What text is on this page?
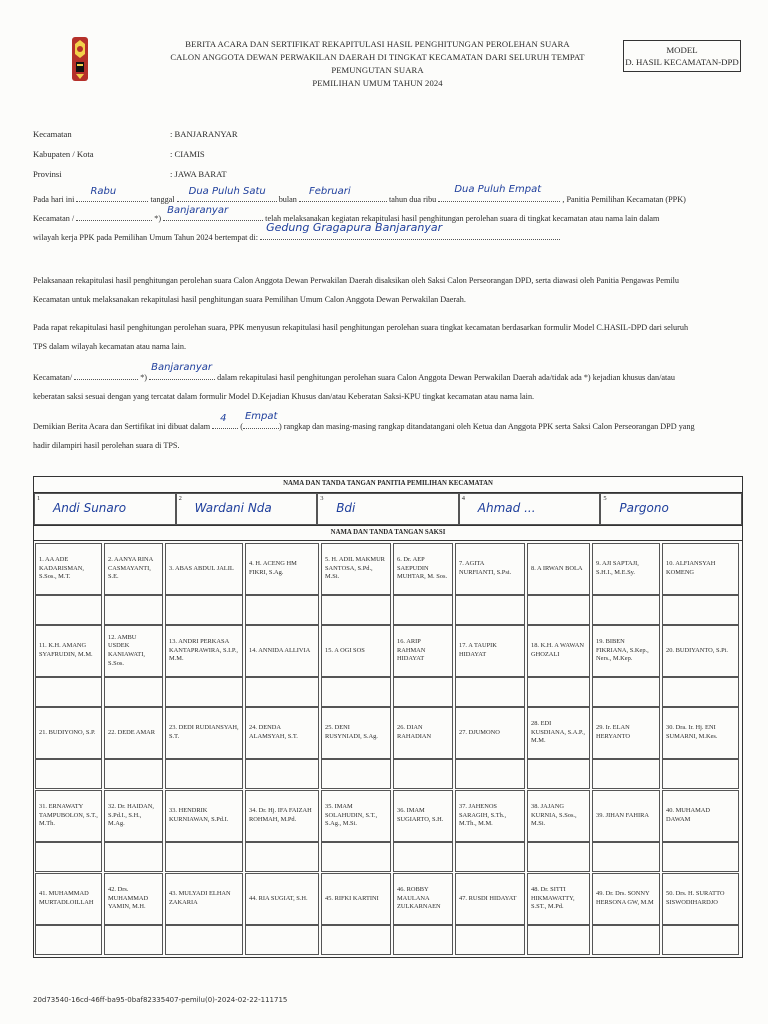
BERITA ACARA DAN SERTIFIKAT REKAPITULASI HASIL PENGHITUNGAN PEROLEHAN SUARA
CALON ANGGOTA DEWAN PERWAKILAN DAERAH DI TINGKAT KECAMATAN DARI SELURUH TEMPAT PEMUNGUTAN SUARA
PEMILIHAN UMUM TAHUN 2024
MODEL
D. HASIL KECAMATAN-DPD
Kecamatan	: BANJARANYAR
Kabupaten / Kota	: CIAMIS
Provinsi	: JAWA BARAT
Pada hari ini
Rabu
tanggal
Dua Puluh Satu
bulan
Februari
tahun dua ribu
Dua Puluh Empat
, Panitia Pemilihan Kecamatan (PPK)
Kecamatan /	*)
Banjaranyar
telah melaksanakan kegiatan rekapitulasi hasil penghitungan perolehan suara di tingkat kecamatan atau nama lain dalam
wilayah kerja PPK pada Pemilihan Umum Tahun 2024 bertempat di:
Gedung Gragapura Banjaranyar
Pelaksanaan rekapitulasi hasil penghitungan perolehan suara Calon Anggota Dewan Perwakilan Daerah disaksikan oleh Saksi Calon Perseorangan DPD, serta diawasi oleh Panitia Pengawas Pemilu
Kecamatan untuk melaksanakan rekapitulasi hasil penghitungan suara Pemilihan Umum Calon Anggota Dewan Perwakilan Daerah.
Pada rapat rekapitulasi hasil penghitungan perolehan suara, PPK menyusun rekapitulasi hasil penghitungan perolehan suara tingkat kecamatan berdasarkan formulir Model C.HASIL-DPD dari seluruh
TPS dalam wilayah kecamatan atau nama lain.
Kecamatan/	*)
Banjaranyar
dalam rekapitulasi hasil penghitungan perolehan suara Calon Anggota Dewan Perwakilan Daerah ada/tidak ada *) kejadian khusus dan/atau
keberatan saksi sesuai dengan yang tercatat dalam formulir Model D.Kejadian Khusus dan/atau Keberatan Saksi-KPU tingkat kecamatan atau nama lain.
Demikian Berita Acara dan Sertifikat ini dibuat dalam
4
(
Empat
) rangkap dan masing-masing rangkap ditandatangani oleh Ketua dan Anggota PPK serta Saksi Calon Perseorangan DPD yang
hadir dilampiri hasil perolehan suara di TPS.
NAMA DAN TANDA TANGAN PANITIA PEMILIHAN KECAMATAN
1
Andi Sunaro
2
Wardani Nda
3
Bdi
4
Ahmad ...
5
Pargono
NAMA DAN TANDA TANGAN SAKSI
1. AA ADE KADARISMAN, S.Sos., M.T.
2. AANYA RINA CASMAYANTI, S.E.
3. ABAS ABDUL JALIL
4. H. ACENG HM FIKRI, S.Ag.
5. H. ADIL MAKMUR SANTOSA, S.Pd., M.Si.
6. Dr. AEP SAEPUDIN MUHTAR, M. Sos.
7. AGITA NURFIANTI, S.Psi.
8. A IRWAN BOLA
9. AJI SAPTAJI, S.H.I., M.E.Sy.
10. ALFIANSYAH KOMENG
11. K.H. AMANG SYAFRUDIN, M.M.
12. AMBU USDEK KANIAWATI, S.Sos.
13. ANDRI PERKASA KANTAPRAWIRA, S.I.P., M.M.
14. ANNIDA ALLIVIA 15. A OGI SOS
16. ARIP RAHMAN HIDAYAT
17. A TAUPIK HIDAYAT
18. K.H. A WAWAN GHOZALI
19. BIBEN FIKRIANA, S.Kep., Ners., M.Kep.
20. BUDIYANTO, S.Pi.
21. BUDIYONO, S.P. 22. DEDE AMAR
23. DEDI RUDIANSYAH, S.T.
24. DENDA ALAMSYAH, S.T.
25. DENI RUSYNIADI, S.Ag.
26. DIAN RAHADIAN
27. DJUMONO
28. EDI KUSDIANA, S.A.P., M.M.
29. Ir. ELAN HERYANTO
30. Dra. Ir. Hj. ENI SUMARNI, M.Kes.
31. ERNAWATY TAMPUBOLON, S.T., M.Th.
32. Dr. HAIDAN, S.Pd.I., S.H., M.Ag.
33. HENDRIK KURNIAWAN, S.Pd.I.
34. Dr. Hj. IFA FAIZAH ROHMAH, M.Pd.
35. IMAM SOLAHUDIN, S.T., S.Ag., M.Si.
36. IMAM SUGIARTO, S.H.
37. JAHENOS SARAGIH, S.Th., M.Th., M.M.
38. JAJANG KURNIA, S.Sos., M.Si.
39. JIHAN FAHIRA
40. MUHAMAD DAWAM
41. MUHAMMAD MURTADLOILLAH
42. Drs. MUHAMMAD YAMIN, M.H.
43. MULYADI ELHAN ZAKARIA
44. RIA SUGIAT, S.H.	45. RIFKI KARTINI
46. ROBBY MAULANA ZULKARNAEN
47. RUSDI HIDAYAT
48. Dr. SITTI HIKMAWATTY, S.ST., M.Pd.
49. Dr. Drs. SONNY HERSONA GW, M.M
50. Drs. H. SURATTO SISWODIHARDJO
20d73540-16cd-46ff-ba95-0baf82335407-pemilu(0)-2024-02-22-111715
